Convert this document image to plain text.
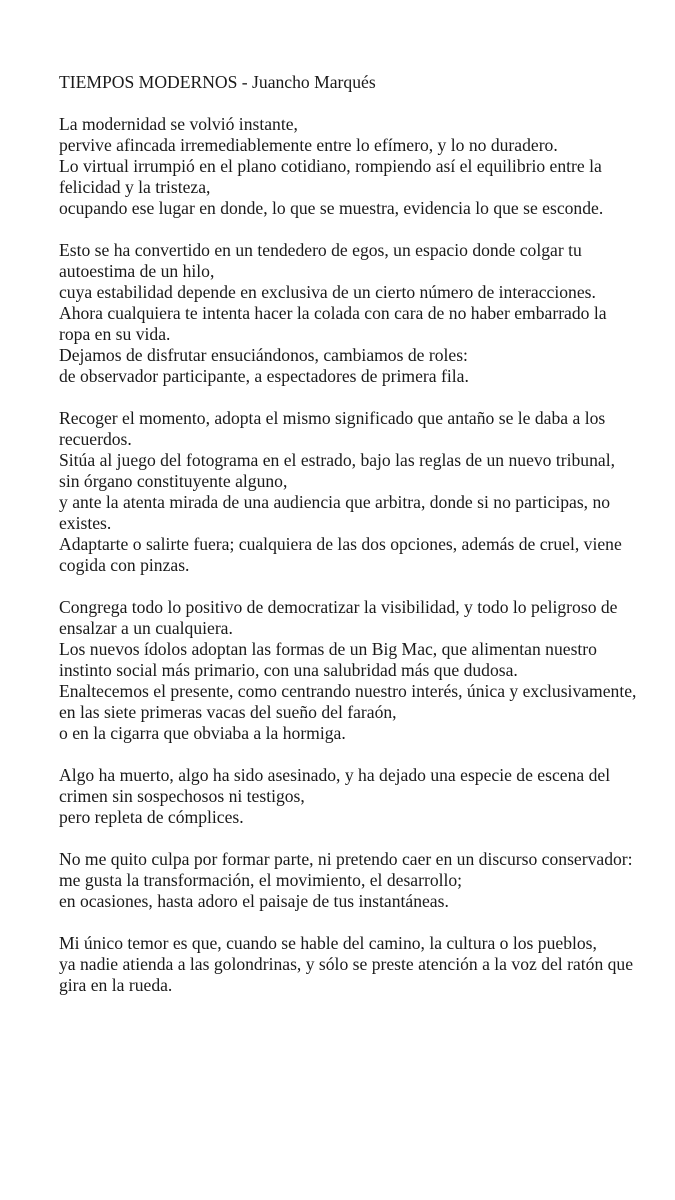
TIEMPOS MODERNOS - Juancho Marqués
La modernidad se volvió instante,
pervive afincada irremediablemente entre lo efímero, y lo no duradero.
Lo virtual irrumpió en el plano cotidiano, rompiendo así el equilibrio entre la felicidad y la tristeza,
ocupando ese lugar en donde, lo que se muestra, evidencia lo que se esconde.
Esto se ha convertido en un tendedero de egos, un espacio donde colgar tu autoestima de un hilo,
cuya estabilidad depende en exclusiva de un cierto número de interacciones.
Ahora cualquiera te intenta hacer la colada con cara de no haber embarrado la ropa en su vida.
Dejamos de disfrutar ensuciándonos, cambiamos de roles:
de observador participante, a espectadores de primera fila.
Recoger el momento, adopta el mismo significado que antaño se le daba a los recuerdos.
Sitúa al juego del fotograma en el estrado, bajo las reglas de un nuevo tribunal, sin órgano constituyente alguno,
y ante la atenta mirada de una audiencia que arbitra, donde si no participas, no existes.
Adaptarte o salirte fuera; cualquiera de las dos opciones, además de cruel, viene cogida con pinzas.
Congrega todo lo positivo de democratizar la visibilidad, y todo lo peligroso de ensalzar a un cualquiera.
Los nuevos ídolos adoptan las formas de un Big Mac, que alimentan nuestro instinto social más primario, con una salubridad más que dudosa.
Enaltecemos el presente, como centrando nuestro interés, única y exclusivamente, en las siete primeras vacas del sueño del faraón,
o en la cigarra que obviaba a la hormiga.
Algo ha muerto, algo ha sido asesinado, y ha dejado una especie de escena del crimen sin sospechosos ni testigos,
pero repleta de cómplices.
No me quito culpa por formar parte, ni pretendo caer en un discurso conservador:
me gusta la transformación, el movimiento, el desarrollo;
en ocasiones, hasta adoro el paisaje de tus instantáneas.
Mi único temor es que, cuando se hable del camino, la cultura o los pueblos,
ya nadie atienda a las golondrinas, y sólo se preste atención a la voz del ratón que gira en la rueda.
